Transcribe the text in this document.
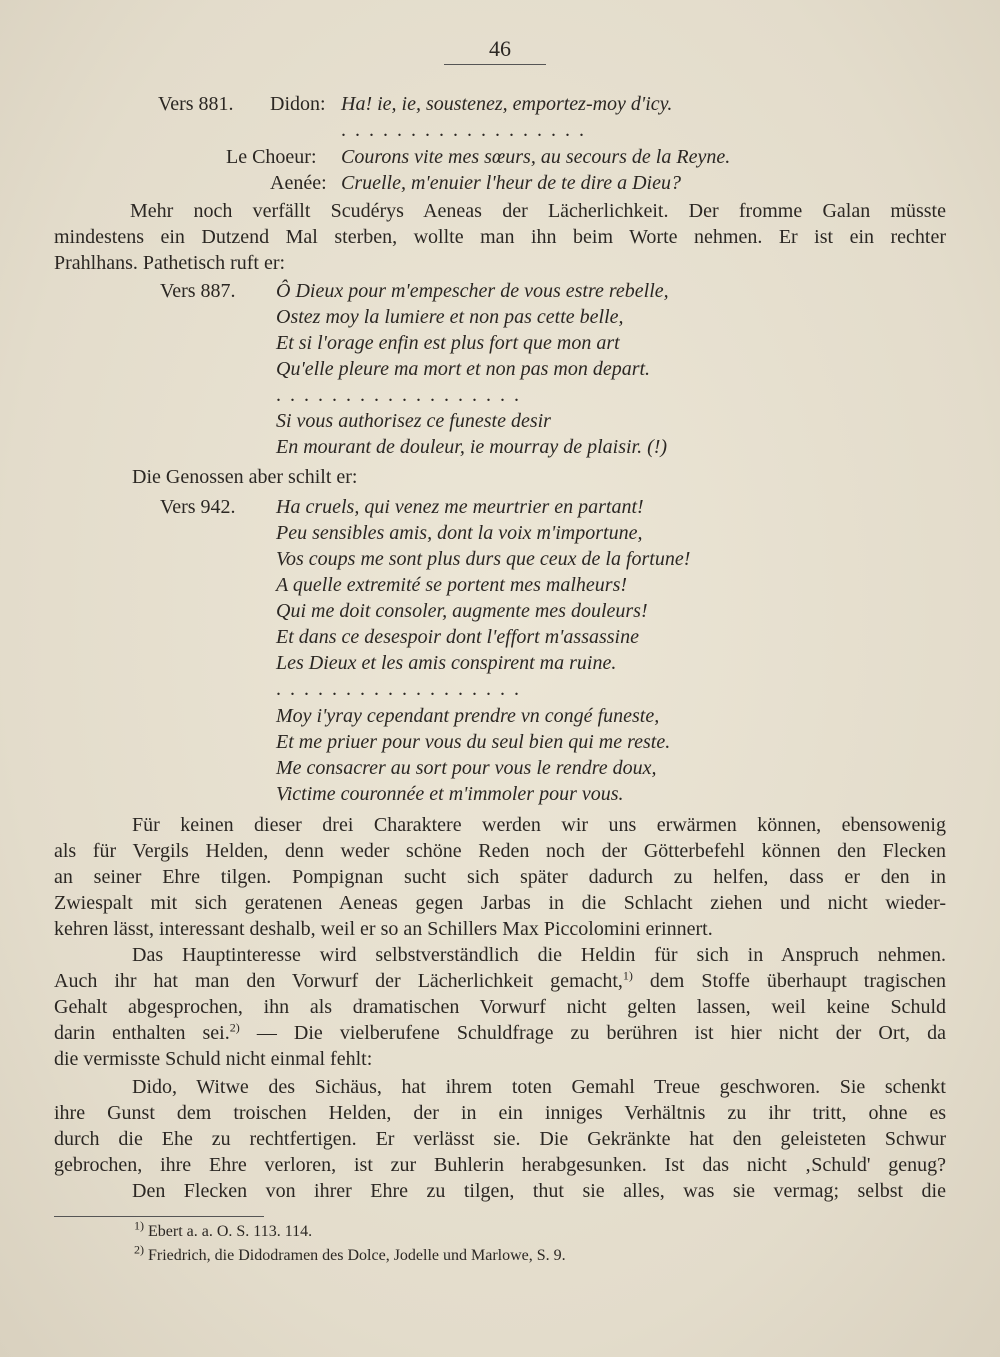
46
Vers 881. Didon: Ha! ie, ie, soustenez, emportez-moy d'icy.
. . . . . . . . . . . . . . . . . .
Le Choeur: Courons vite mes sœurs, au secours de la Reyne.
Aenée: Cruelle, m'enuier l'heur de te dire a Dieu?
Mehr noch verfällt Scudérys Aeneas der Lächerlichkeit. Der fromme Galan müsste
mindestens ein Dutzend Mal sterben, wollte man ihn beim Worte nehmen. Er ist ein rechter
Prahlhans. Pathetisch ruft er:
Vers 887. Ô Dieux pour m'empescher de vous estre rebelle,
Ostez moy la lumiere et non pas cette belle,
Et si l'orage enfin est plus fort que mon art
Qu'elle pleure ma mort et non pas mon depart.
. . . . . . . . . . . . . . . . . .
Si vous authorisez ce funeste desir
En mourant de douleur, ie mourray de plaisir. (!)
Die Genossen aber schilt er:
Vers 942. Ha cruels, qui venez me meurtrier en partant!
Peu sensibles amis, dont la voix m'importune,
Vos coups me sont plus durs que ceux de la fortune!
A quelle extremité se portent mes malheurs!
Qui me doit consoler, augmente mes douleurs!
Et dans ce desespoir dont l'effort m'assassine
Les Dieux et les amis conspirent ma ruine.
. . . . . . . . . . . . . . . . . .
Moy i'yray cependant prendre vn congé funeste,
Et me priuer pour vous du seul bien qui me reste.
Me consacrer au sort pour vous le rendre doux,
Victime couronnée et m'immoler pour vous.
Für keinen dieser drei Charaktere werden wir uns erwärmen können, ebensowenig
als für Vergils Helden, denn weder schöne Reden noch der Götterbefehl können den Flecken
an seiner Ehre tilgen. Pompignan sucht sich später dadurch zu helfen, dass er den in
Zwiespalt mit sich geratenen Aeneas gegen Jarbas in die Schlacht ziehen und nicht wieder-
kehren lässt, interessant deshalb, weil er so an Schillers Max Piccolomini erinnert.
Das Hauptinteresse wird selbstverständlich die Heldin für sich in Anspruch nehmen.
Auch ihr hat man den Vorwurf der Lächerlichkeit gemacht,$^{1)}$ dem Stoffe überhaupt tragischen
Gehalt abgesprochen, ihn als dramatischen Vorwurf nicht gelten lassen, weil keine Schuld
darin enthalten sei.$^{2)}$ — Die vielberufene Schuldfrage zu berühren ist hier nicht der Ort, da
die vermisste Schuld nicht einmal fehlt:
Dido, Witwe des Sichäus, hat ihrem toten Gemahl Treue geschworen. Sie schenkt
ihre Gunst dem troischen Helden, der in ein inniges Verhältnis zu ihr tritt, ohne es
durch die Ehe zu rechtfertigen. Er verlässt sie. Die Gekränkte hat den geleisteten Schwur
gebrochen, ihre Ehre verloren, ist zur Buhlerin herabgesunken. Ist das nicht ‚Schuld' genug?
Den Flecken von ihrer Ehre zu tilgen, thut sie alles, was sie vermag; selbst die
$^{1)}$ Ebert a. a. O. S. 113. 114.
$^{2)}$ Friedrich, die Didodramen des Dolce, Jodelle und Marlowe, S. 9.
